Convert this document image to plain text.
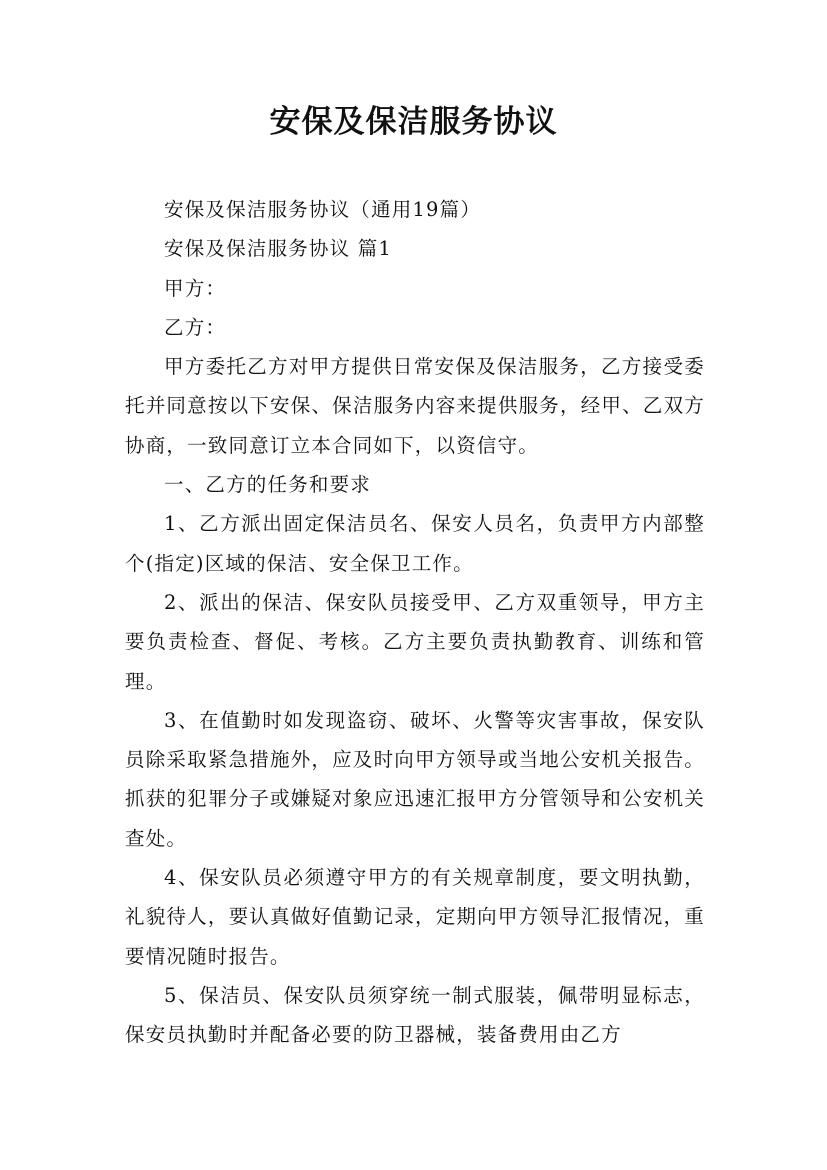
安保及保洁服务协议

安保及保洁服务协议（通用19篇）

安保及保洁服务协议 篇1

甲方：

乙方：

甲方委托乙方对甲方提供日常安保及保洁服务，乙方接受委托并同意按以下安保、保洁服务内容来提供服务，经甲、乙双方协商，一致同意订立本合同如下，以资信守。

一、乙方的任务和要求

1、乙方派出固定保洁员名、保安人员名，负责甲方内部整个(指定)区域的保洁、安全保卫工作。

2、派出的保洁、保安队员接受甲、乙方双重领导，甲方主要负责检查、督促、考核。乙方主要负责执勤教育、训练和管理。

3、在值勤时如发现盗窃、破坏、火警等灾害事故，保安队员除采取紧急措施外，应及时向甲方领导或当地公安机关报告。抓获的犯罪分子或嫌疑对象应迅速汇报甲方分管领导和公安机关查处。

4、保安队员必须遵守甲方的有关规章制度，要文明执勤，礼貌待人，要认真做好值勤记录，定期向甲方领导汇报情况，重要情况随时报告。

5、保洁员、保安队员须穿统一制式服装，佩带明显标志，保安员执勤时并配备必要的防卫器械，装备费用由乙方
